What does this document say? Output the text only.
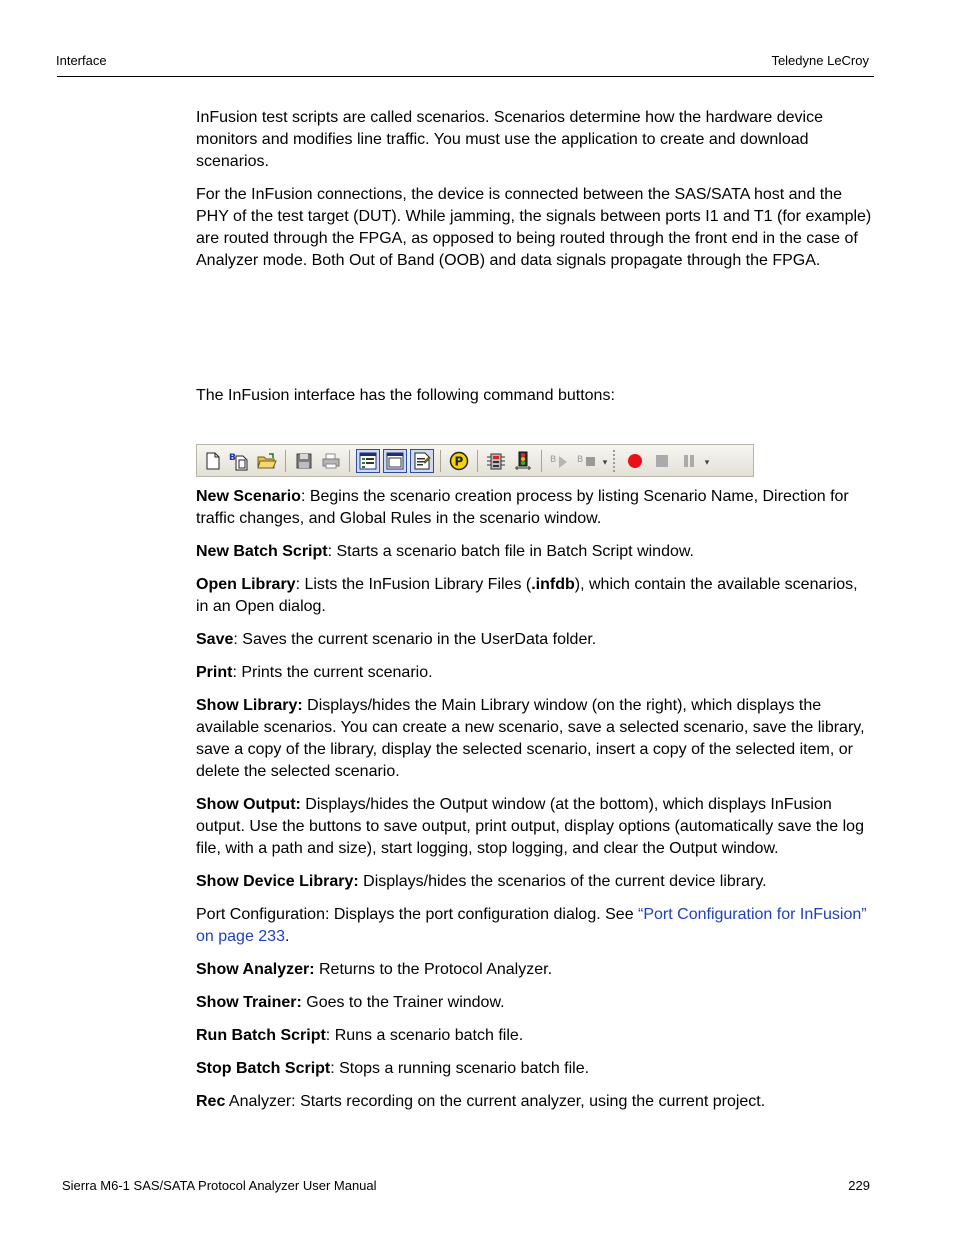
Interface	Teledyne LeCroy

InFusion test scripts are called scenarios. Scenarios determine how the hardware device monitors and modifies line traffic. You must use the application to create and download scenarios.

For the InFusion connections, the device is connected between the SAS/SATA host and the PHY of the test target (DUT). While jamming, the signals between ports I1 and T1 (for example) are routed through the FPGA, as opposed to being routed through the front end in the case of Analyzer mode. Both Out of Band (OOB) and data signals propagate through the FPGA.

The InFusion interface has the following command buttons:

B	P	B B ▾	▾

New Scenario: Begins the scenario creation process by listing Scenario Name, Direction for traffic changes, and Global Rules in the scenario window.

New Batch Script: Starts a scenario batch file in Batch Script window.

Open Library: Lists the InFusion Library Files (.infdb), which contain the available scenarios, in an Open dialog.

Save: Saves the current scenario in the UserData folder.

Print: Prints the current scenario.

Show Library: Displays/hides the Main Library window (on the right), which displays the available scenarios. You can create a new scenario, save a selected scenario, save the library, save a copy of the library, display the selected scenario, insert a copy of the selected item, or delete the selected scenario.

Show Output: Displays/hides the Output window (at the bottom), which displays InFusion output. Use the buttons to save output, print output, display options (automatically save the log file, with a path and size), start logging, stop logging, and clear the Output window.

Show Device Library: Displays/hides the scenarios of the current device library.

Port Configuration: Displays the port configuration dialog. See “Port Configuration for InFusion” on page 233.

Show Analyzer: Returns to the Protocol Analyzer.

Show Trainer: Goes to the Trainer window.

Run Batch Script: Runs a scenario batch file.

Stop Batch Script: Stops a running scenario batch file.

Rec Analyzer: Starts recording on the current analyzer, using the current project.

Sierra M6-1 SAS/SATA Protocol Analyzer User Manual	229
